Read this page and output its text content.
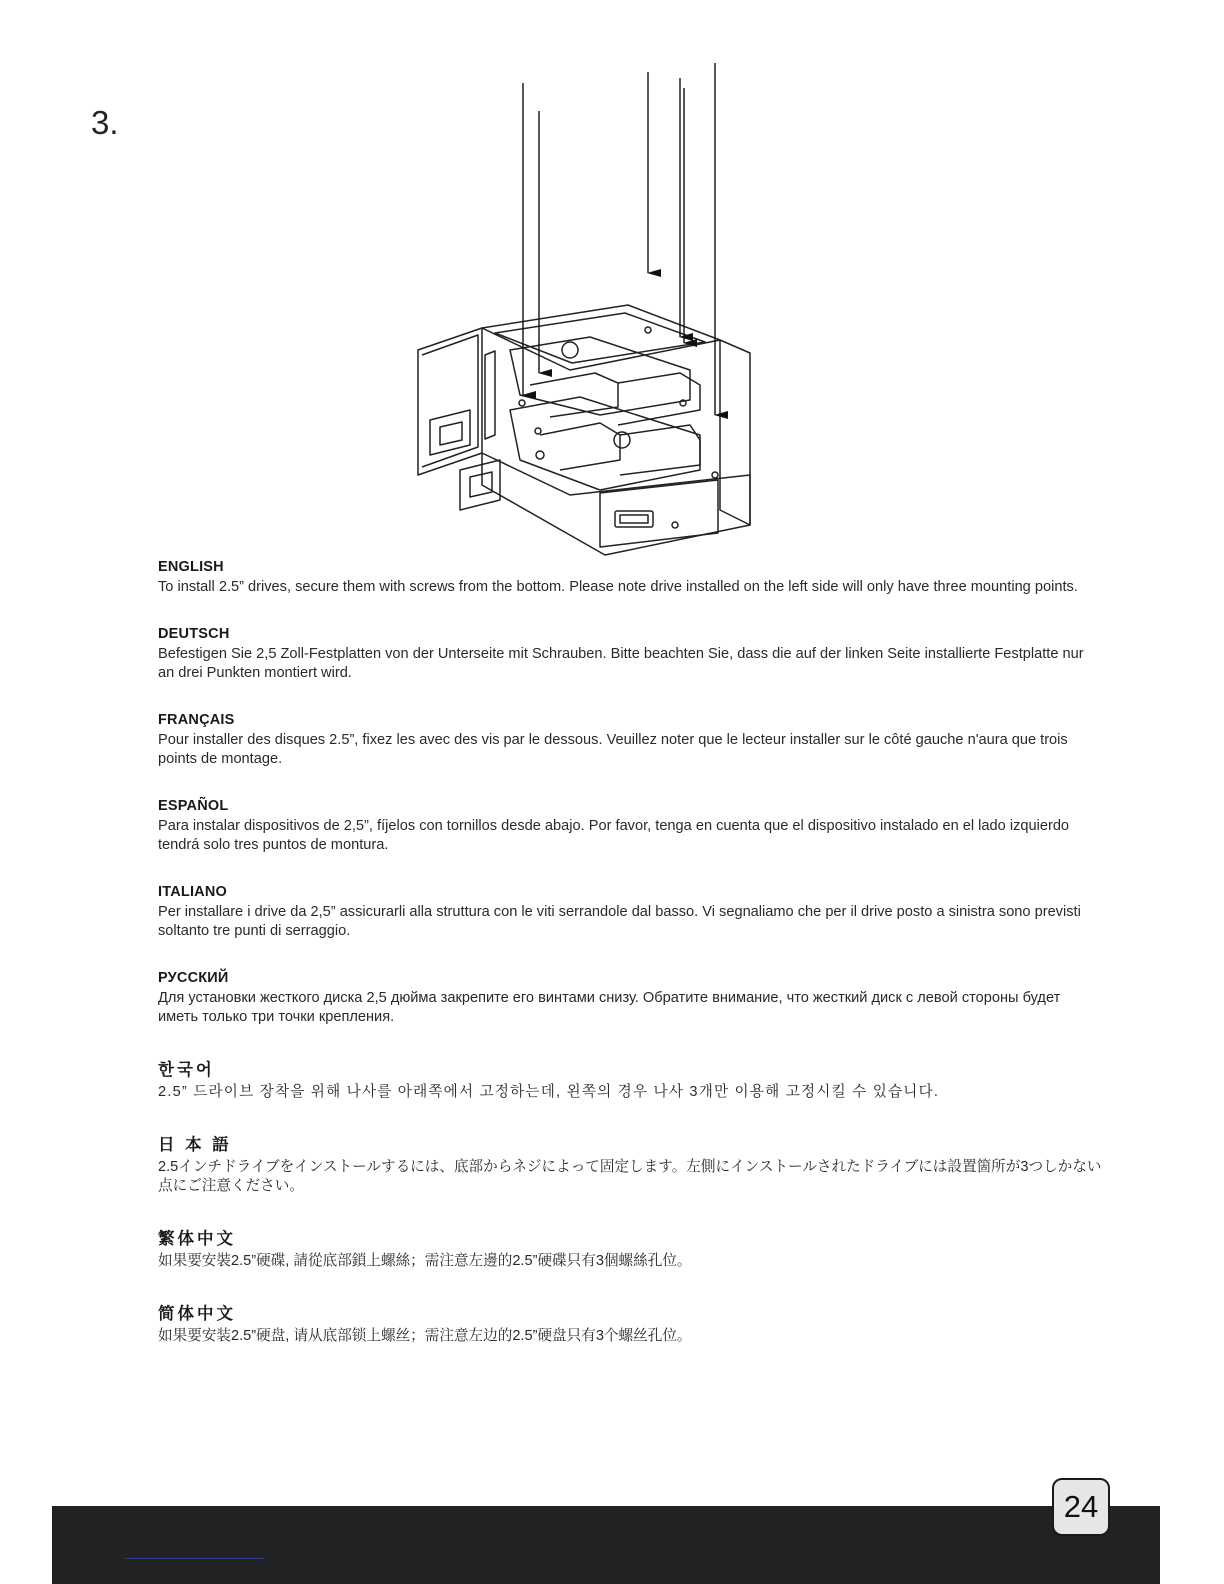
3.
ENGLISH

To install 2.5” drives, secure them with screws from the bottom. Please note drive installed on the left side will only have three mounting points.

DEUTSCH

Befestigen Sie 2,5 Zoll-Festplatten von der Unterseite mit Schrauben. Bitte beachten Sie, dass die auf der linken Seite installierte Festplatte nur an drei Punkten montiert wird.

FRANÇAIS

Pour installer des disques 2.5”, fixez les avec des vis par le dessous. Veuillez noter que le lecteur installer sur le côté gauche n'aura que trois points de montage.

ESPAÑOL

Para instalar dispositivos de 2,5”, fíjelos con tornillos desde abajo. Por favor, tenga en cuenta que el dispositivo instalado en el lado izquierdo tendrá solo tres puntos de montura.

ITALIANO

Per installare i drive da 2,5” assicurarli alla struttura con le viti serrandole dal basso. Vi segnaliamo che per il drive posto a sinistra sono previsti soltanto tre punti di serraggio.

РУССКИЙ

Для установки жесткого диска 2,5 дюйма закрепите его винтами снизу. Обратите внимание, что жесткий диск с левой стороны будет иметь только три точки крепления.

한국어

2.5” 드라이브 장착을 위해 나사를 아래쪽에서 고정하는데, 왼쪽의 경우 나사 3개만 이용해 고정시킬 수 있습니다.

日 本 語

2.5インチドライブをインストールするには、底部からネジによって固定します。左側にインストールされたドライブには設置箇所が3つしかない点にご注意ください。

繁体中文

如果要安裝2.5”硬碟, 請從底部鎖上螺絲；需注意左邊的2.5”硬碟只有3個螺絲孔位。

简体中文

如果要安装2.5”硬盘, 请从底部锁上螺丝；需注意左边的2.5”硬盘只有3个螺丝孔位。

24
